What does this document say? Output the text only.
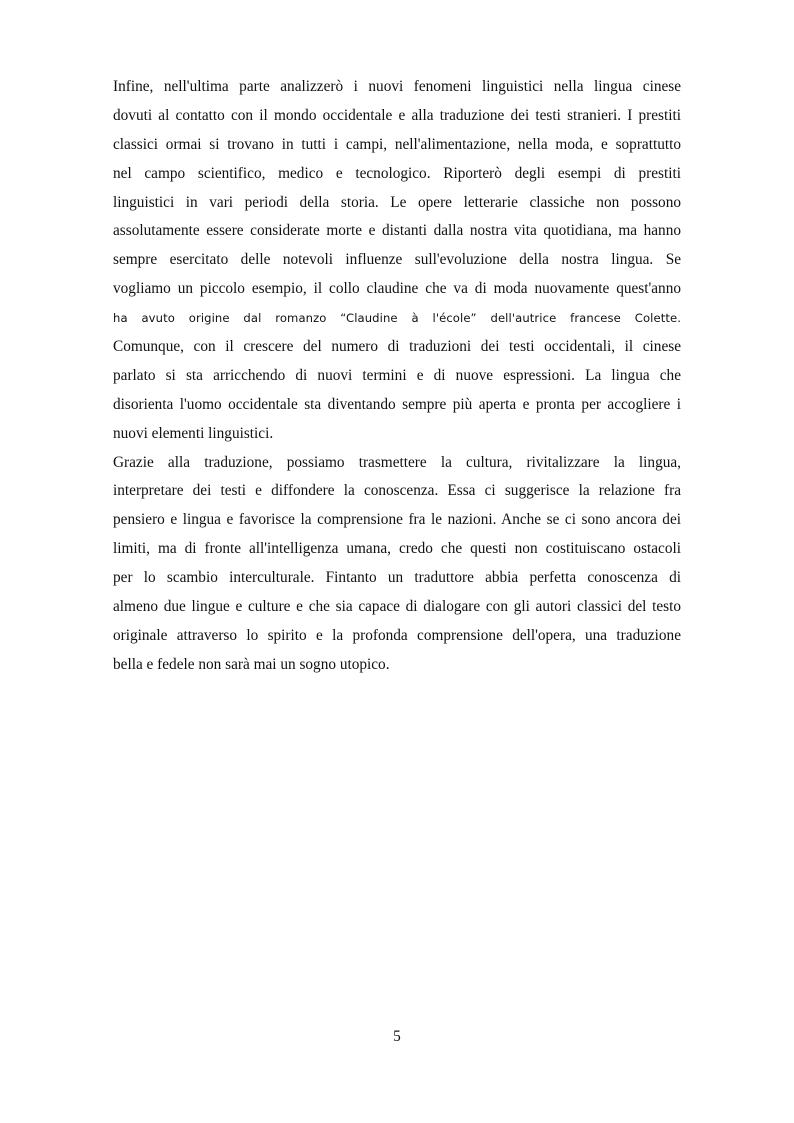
Infine, nell'ultima parte analizzerò i nuovi fenomeni linguistici nella lingua cinese
dovuti al contatto con il mondo occidentale e alla traduzione dei testi stranieri. I prestiti
classici ormai si trovano in tutti i campi, nell'alimentazione, nella moda, e soprattutto
nel campo scientifico, medico e tecnologico. Riporterò degli esempi di prestiti
linguistici in vari periodi della storia. Le opere letterarie classiche non possono
assolutamente essere considerate morte e distanti dalla nostra vita quotidiana, ma hanno
sempre esercitato delle notevoli influenze sull'evoluzione della nostra lingua. Se
vogliamo un piccolo esempio, il collo claudine che va di moda nuovamente quest'anno
ha avuto origine dal romanzo “Claudine à l'école” dell'autrice francese Colette.
Comunque, con il crescere del numero di traduzioni dei testi occidentali, il cinese
parlato si sta arricchendo di nuovi termini e di nuove espressioni. La lingua che
disorienta l'uomo occidentale sta diventando sempre più aperta e pronta per accogliere i
nuovi elementi linguistici.
Grazie alla traduzione, possiamo trasmettere la cultura, rivitalizzare la lingua,
interpretare dei testi e diffondere la conoscenza. Essa ci suggerisce la relazione fra
pensiero e lingua e favorisce la comprensione fra le nazioni. Anche se ci sono ancora dei
limiti, ma di fronte all'intelligenza umana, credo che questi non costituiscano ostacoli
per lo scambio interculturale. Fintanto un traduttore abbia perfetta conoscenza di
almeno due lingue e culture e che sia capace di dialogare con gli autori classici del testo
originale attraverso lo spirito e la profonda comprensione dell'opera, una traduzione
bella e fedele non sarà mai un sogno utopico.
5
